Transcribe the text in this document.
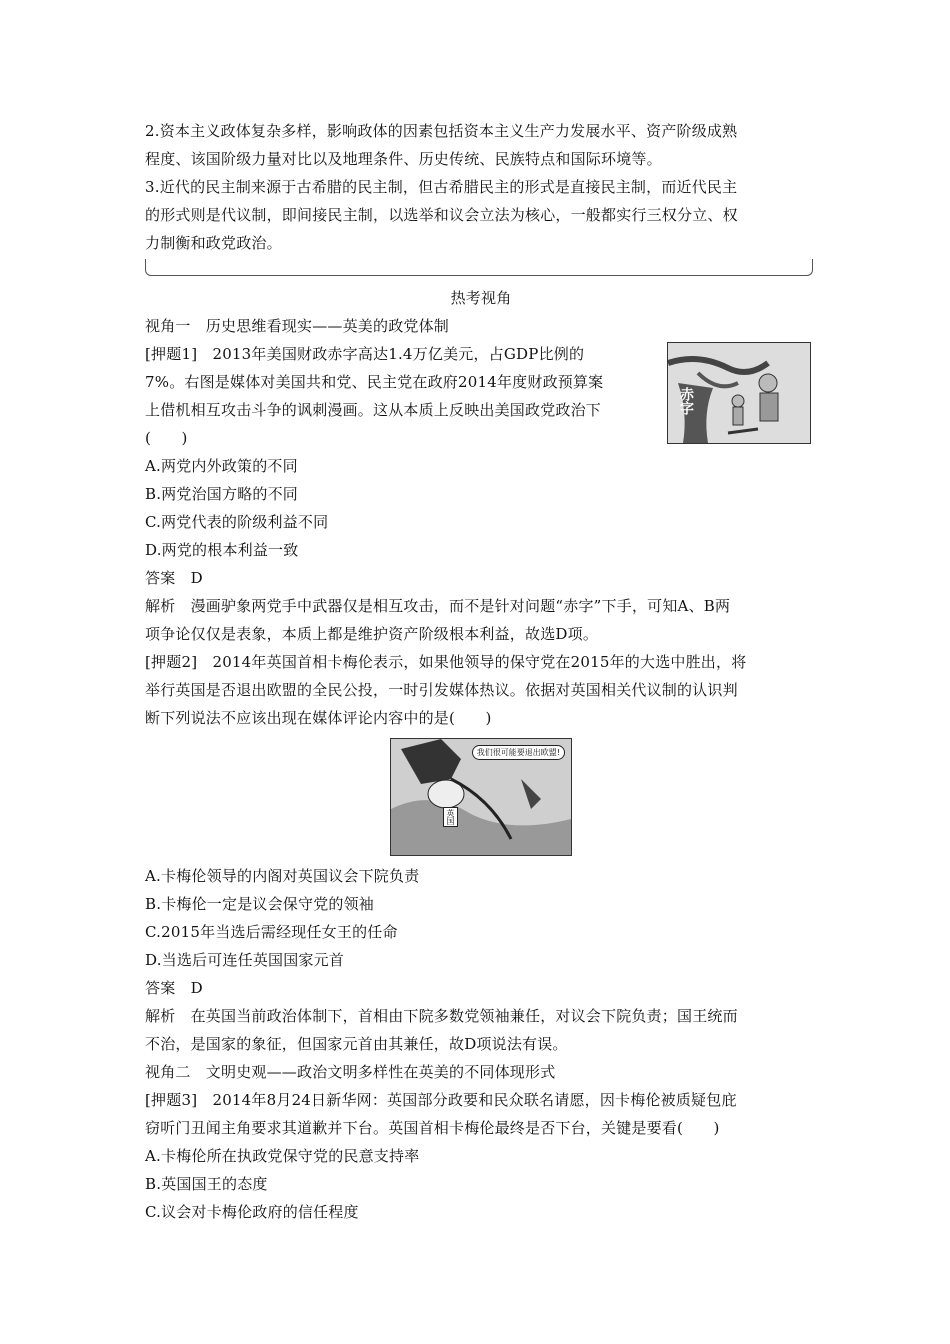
2.资本主义政体复杂多样，影响政体的因素包括资本主义生产力发展水平、资产阶级成熟
程度、该国阶级力量对比以及地理条件、历史传统、民族特点和国际环境等。
3.近代的民主制来源于古希腊的民主制，但古希腊民主的形式是直接民主制，而近代民主
的形式则是代议制，即间接民主制，以选举和议会立法为核心，一般都实行三权分立、权
力制衡和政党政治。
热考视角
视角一　历史思维看现实——英美的政党体制
[押题1]　2013年美国财政赤字高达1.4万亿美元，占GDP比例的
7%。右图是媒体对美国共和党、民主党在政府2014年度财政预算案
上借机相互攻击斗争的讽刺漫画。这从本质上反映出美国政党政治下
(　　)
赤字
A.两党内外政策的不同
B.两党治国方略的不同
C.两党代表的阶级利益不同
D.两党的根本利益一致
答案　D
解析　漫画驴象两党手中武器仅是相互攻击，而不是针对问题“赤字”下手，可知A、B两
项争论仅仅是表象，本质上都是维护资产阶级根本利益，故选D项。
[押题2]　2014年英国首相卡梅伦表示，如果他领导的保守党在2015年的大选中胜出，将
举行英国是否退出欧盟的全民公投，一时引发媒体热议。依据对英国相关代议制的认识判
断下列说法不应该出现在媒体评论内容中的是(　　)
我们很可能要退出欧盟!
英国
A.卡梅伦领导的内阁对英国议会下院负责
B.卡梅伦一定是议会保守党的领袖
C.2015年当选后需经现任女王的任命
D.当选后可连任英国国家元首
答案　D
解析　在英国当前政治体制下，首相由下院多数党领袖兼任，对议会下院负责；国王统而
不治，是国家的象征，但国家元首由其兼任，故D项说法有误。
视角二　文明史观——政治文明多样性在英美的不同体现形式
[押题3]　2014年8月24日新华网：英国部分政要和民众联名请愿，因卡梅伦被质疑包庇
窃听门丑闻主角要求其道歉并下台。英国首相卡梅伦最终是否下台，关键是要看(　　)
A.卡梅伦所在执政党保守党的民意支持率
B.英国国王的态度
C.议会对卡梅伦政府的信任程度
